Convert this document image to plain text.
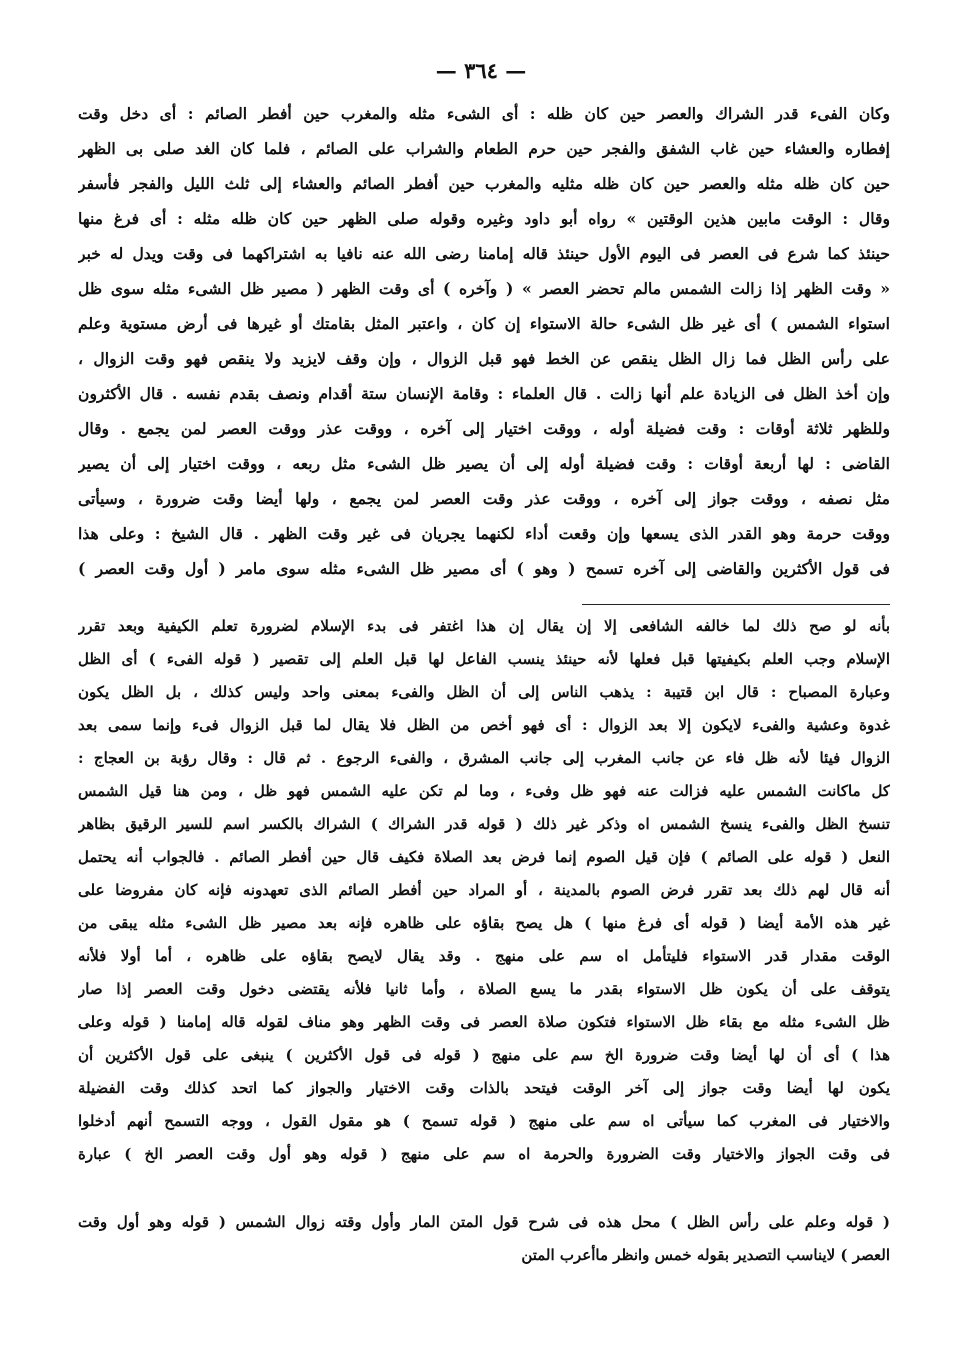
— ٣٦٤ —
وكان الفىء قدر الشراك والعصر حين كان ظله : أى الشىء مثله والمغرب حين أفطر الصائم : أى دخل وقت
إفطاره والعشاء حين غاب الشفق والفجر حين حرم الطعام والشراب على الصائم ، فلما كان الغد صلى بى الظهر
حين كان ظله مثله والعصر حين كان ظله مثليه والمغرب حين أفطر الصائم والعشاء إلى ثلث الليل والفجر فأسفر
وقال : الوقت مابين هذين الوقتين » رواه أبو داود وغيره وقوله صلى الظهر حين كان ظله مثله : أى فرغ منها
حينئذ كما شرع فى العصر فى اليوم الأول حينئذ قاله إمامنا رضى الله عنه نافيا به اشتراكهما فى وقت ويدل له خبر
« وقت الظهر إذا زالت الشمس مالم تحضر العصر » ( وآخره ) أى وقت الظهر ( مصير ظل الشىء مثله سوى ظل
استواء الشمس ) أى غير ظل الشىء حالة الاستواء إن كان ، واعتبر المثل بقامتك أو غيرها فى أرض مستوية وعلم
على رأس الظل فما زال الظل ينقص عن الخط فهو قبل الزوال ، وإن وقف لايزيد ولا ينقص فهو وقت الزوال ،
وإن أخذ الظل فى الزيادة علم أنها زالت . قال العلماء : وقامة الإنسان ستة أقدام ونصف بقدم نفسه . قال الأكثرون
وللظهر ثلاثة أوقات : وقت فضيلة أوله ، ووقت اختيار إلى آخره ، ووقت عذر ووقت العصر لمن يجمع . وقال
القاضى : لها أربعة أوقات : وقت فضيلة أوله إلى أن يصير ظل الشىء مثل ربعه ، ووقت اختيار إلى أن يصير
مثل نصفه ، ووقت جواز إلى آخره ، ووقت عذر وقت العصر لمن يجمع ، ولها أيضا وقت ضرورة ، وسيأتى
ووقت حرمة وهو القدر الذى يسعها وإن وقعت أداء لكنهما يجريان فى غير وقت الظهر . قال الشيخ : وعلى هذا
فى قول الأكثرين والقاضى إلى آخره تسمح ( وهو ) أى مصير ظل الشىء مثله سوى مامر ( أول وقت العصر )
بأنه لو صح ذلك لما خالفه الشافعى إلا إن يقال إن هذا اغتفر فى بدء الإسلام لضرورة تعلم الكيفية وبعد تقرر
الإسلام وجب العلم بكيفيتها قبل فعلها لأنه حينئذ ينسب الفاعل لها قبل العلم إلى تقصير ( قوله الفىء ) أى الظل
وعبارة المصباح : قال ابن قتيبة : يذهب الناس إلى أن الظل والفىء بمعنى واحد وليس كذلك ، بل الظل يكون
غدوة وعشية والفىء لايكون إلا بعد الزوال : أى فهو أخص من الظل فلا يقال لما قبل الزوال فىء وإنما سمى بعد
الزوال فيئا لأنه ظل فاء عن جانب المغرب إلى جانب المشرق ، والفىء الرجوع . ثم قال : وقال رؤبة بن العجاج :
كل ماكانت الشمس عليه فزالت عنه فهو ظل وفىء ، وما لم تكن عليه الشمس فهو ظل ، ومن هنا قيل الشمس
تنسخ الظل والفىء ينسخ الشمس اه وذكر غير ذلك ( قوله قدر الشراك ) الشراك بالكسر اسم للسير الرقيق بظاهر
النعل ( قوله على الصائم ) فإن قيل الصوم إنما فرض بعد الصلاة فكيف قال حين أفطر الصائم . فالجواب أنه يحتمل
أنه قال لهم ذلك بعد تقرر فرض الصوم بالمدينة ، أو المراد حين أفطر الصائم الذى تعهدونه فإنه كان مفروضا على
غير هذه الأمة أيضا ( قوله أى فرغ منها ) هل يصح بقاؤه على ظاهره فإنه بعد مصير ظل الشىء مثله يبقى من
الوقت مقدار قدر الاستواء فليتأمل اه سم على منهج . وقد يقال لايصح بقاؤه على ظاهره ، أما أولا فلأنه
يتوقف على أن يكون ظل الاستواء بقدر ما يسع الصلاة ، وأما ثانيا فلأنه يقتضى دخول وقت العصر إذا صار
ظل الشىء مثله مع بقاء ظل الاستواء فتكون صلاة العصر فى وقت الظهر وهو مناف لقوله قاله إمامنا ( قوله وعلى
هذا ) أى أن لها أيضا وقت ضرورة الخ سم على منهج ( قوله فى قول الأكثرين ) ينبغى على قول الأكثرين أن
يكون لها أيضا وقت جواز إلى آخر الوقت فيتحد بالذات وقت الاختيار والجواز كما اتحد كذلك وقت الفضيلة
والاختيار فى المغرب كما سيأتى اه سم على منهج ( قوله تسمح ) هو مقول القول ، ووجه التسمح أنهم أدخلوا
فى وقت الجواز والاختيار وقت الضرورة والحرمة اه سم على منهج ( قوله وهو أول وقت العصر الخ ) عبارة
( قوله وعلم على رأس الظل ) محل هذه فى شرح قول المتن المار وأول وقته زوال الشمس ( قوله وهو أول وقت
العصر ) لايناسب التصدير بقوله خمس وانظر ماأعرب المتن
